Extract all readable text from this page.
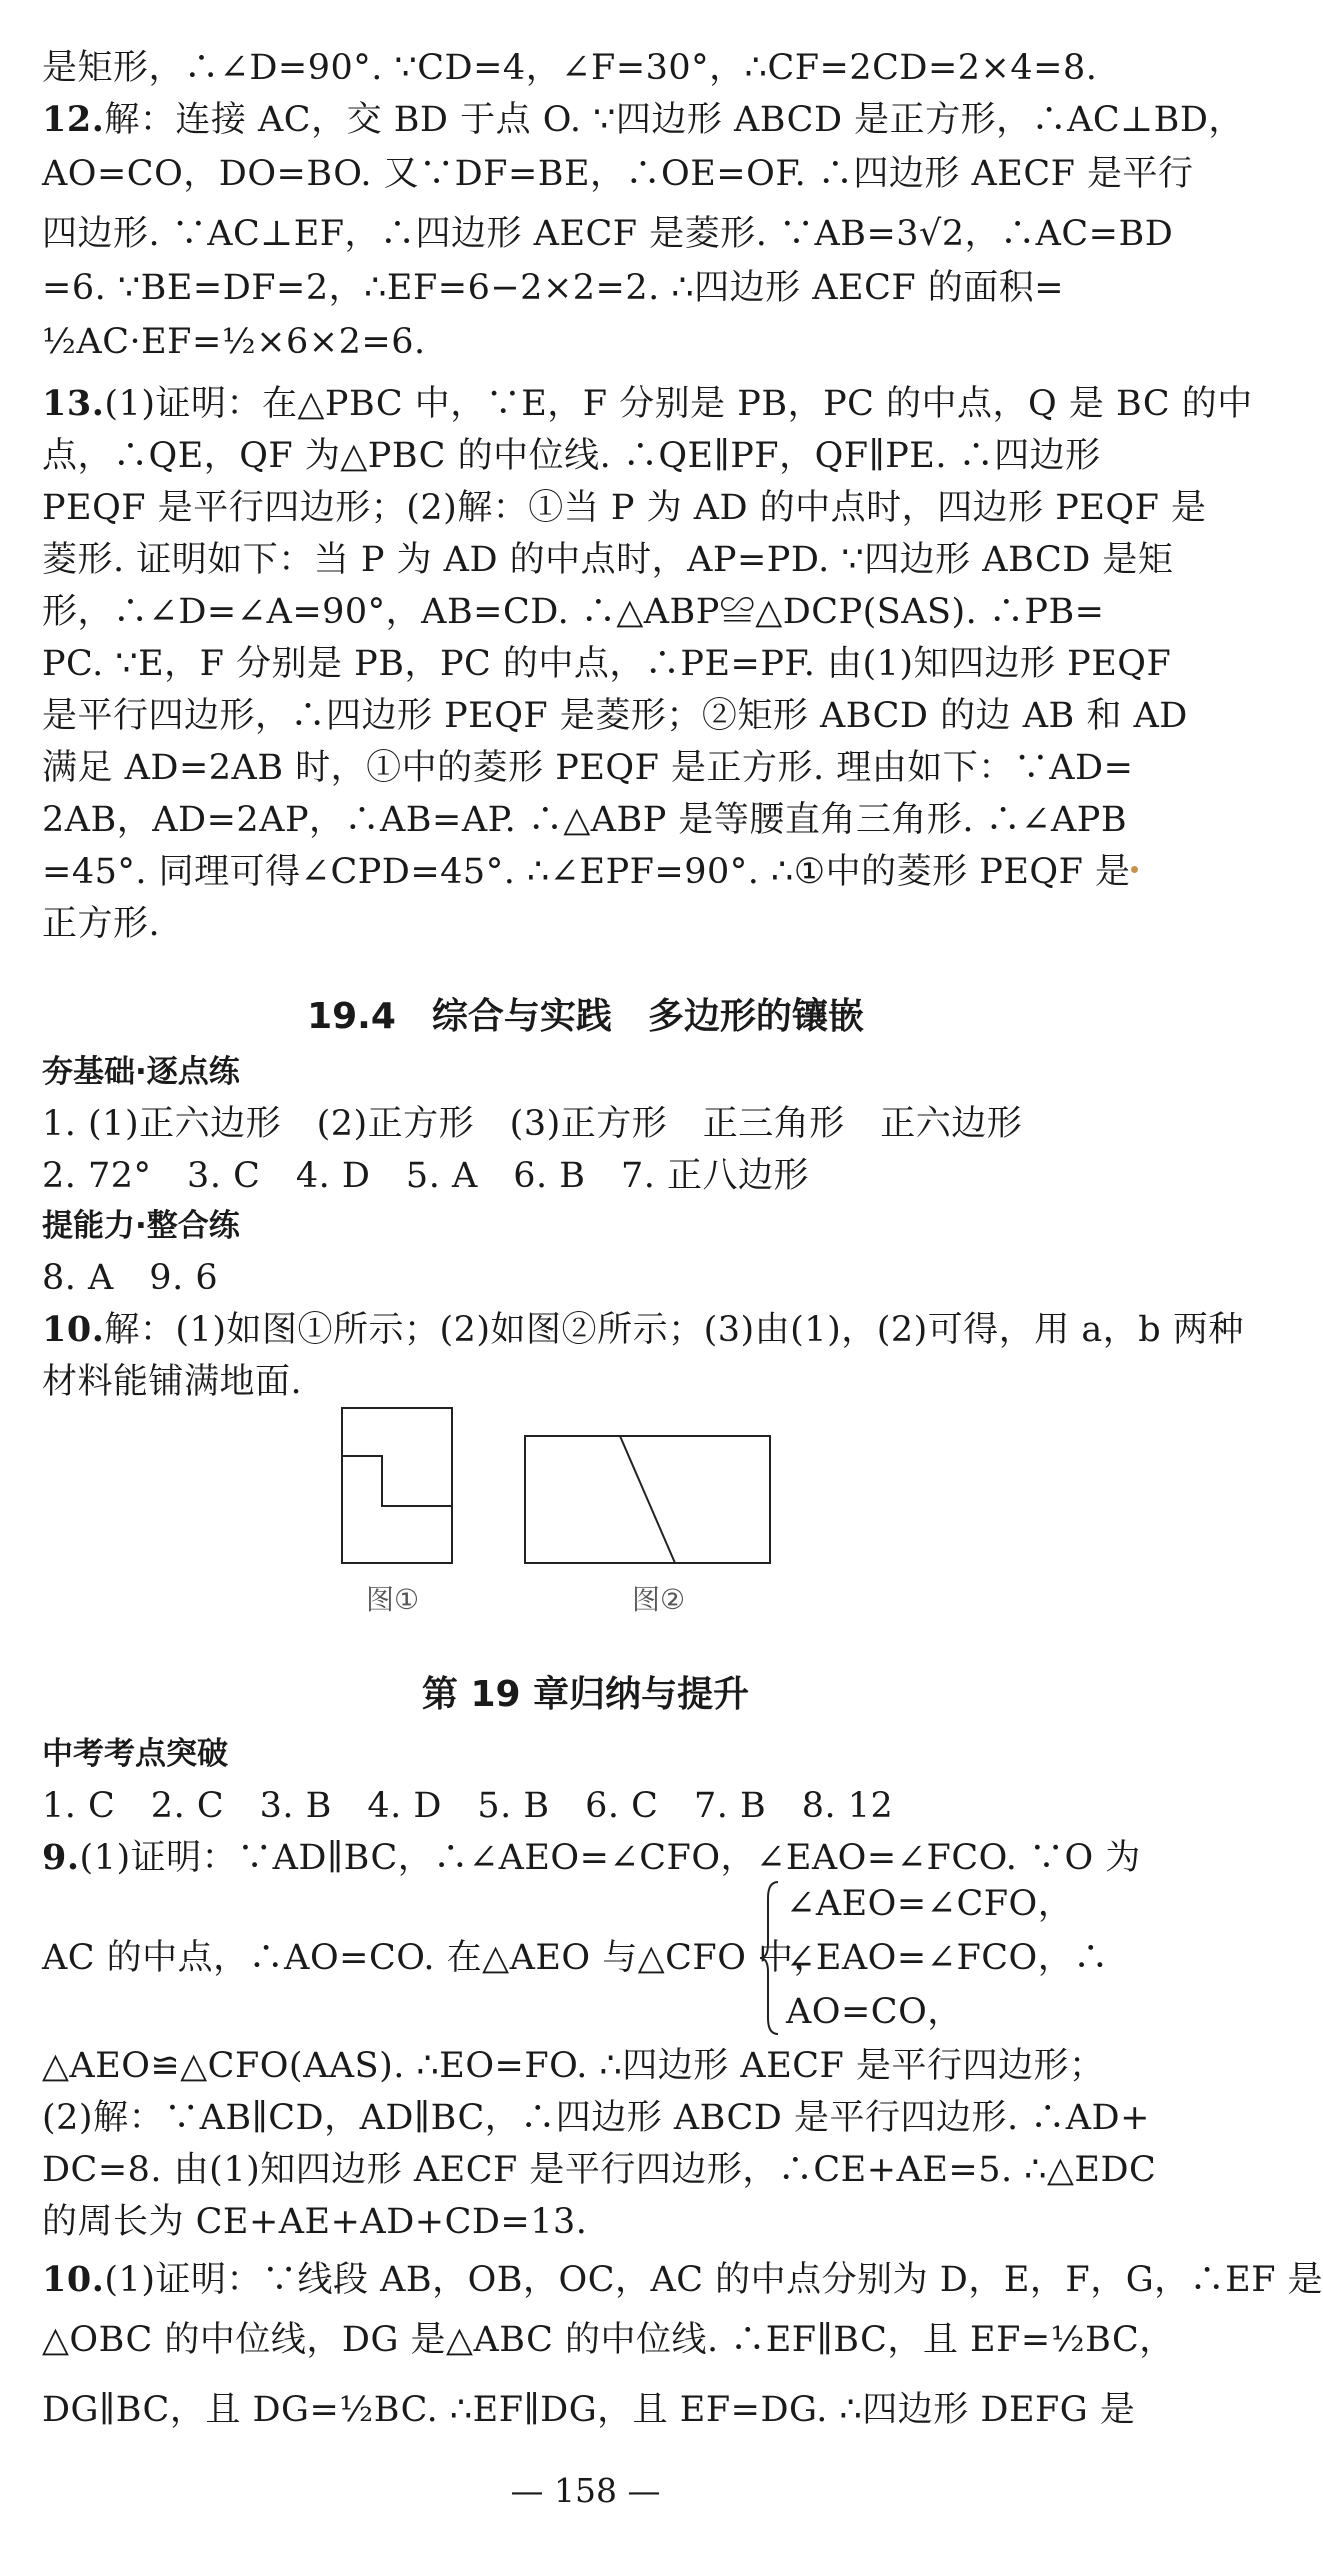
是矩形，∴∠D=90°. ∵CD=4，∠F=30°，∴CF=2CD=2×4=8.
12.解：连接 AC，交 BD 于点 O. ∵四边形 ABCD 是正方形，∴AC⊥BD，
AO=CO，DO=BO. 又∵DF=BE，∴OE=OF. ∴四边形 AECF 是平行
四边形. ∵AC⊥EF，∴四边形 AECF 是菱形. ∵AB=3√2，∴AC=BD
=6. ∵BE=DF=2，∴EF=6−2×2=2. ∴四边形 AECF 的面积=
½AC·EF=½×6×2=6.
13.(1)证明：在△PBC 中，∵E，F 分别是 PB，PC 的中点，Q 是 BC 的中
点，∴QE，QF 为△PBC 的中位线. ∴QE∥PF，QF∥PE. ∴四边形
PEQF 是平行四边形；(2)解：①当 P 为 AD 的中点时，四边形 PEQF 是
菱形. 证明如下：当 P 为 AD 的中点时，AP=PD. ∵四边形 ABCD 是矩
形，∴∠D=∠A=90°，AB=CD. ∴△ABP≌△DCP(SAS). ∴PB=
PC. ∵E，F 分别是 PB，PC 的中点，∴PE=PF. 由(1)知四边形 PEQF
是平行四边形，∴四边形 PEQF 是菱形；②矩形 ABCD 的边 AB 和 AD
满足 AD=2AB 时，①中的菱形 PEQF 是正方形. 理由如下：∵AD=
2AB，AD=2AP，∴AB=AP. ∴△ABP 是等腰直角三角形. ∴∠APB
=45°. 同理可得∠CPD=45°. ∴∠EPF=90°. ∴①中的菱形 PEQF 是
正方形.
19.4　综合与实践　多边形的镶嵌
夯基础·逐点练
1. (1)正六边形　(2)正方形　(3)正方形　正三角形　正六边形
2. 72°　3. C　4. D　5. A　6. B　7. 正八边形
提能力·整合练
8. A　9. 6
10.解：(1)如图①所示；(2)如图②所示；(3)由(1)，(2)可得，用 a，b 两种
材料能铺满地面.
图①	图②
第 19 章归纳与提升
中考考点突破
1. C　2. C　3. B　4. D　5. B　6. C　7. B　8. 12
9.(1)证明：∵AD∥BC，∴∠AEO=∠CFO，∠EAO=∠FCO. ∵O 为
AC 的中点，∴AO=CO. 在△AEO 与△CFO 中，
∠AEO=∠CFO，
∠EAO=∠FCO，∴
AO=CO，
△AEO≌△CFO(AAS). ∴EO=FO. ∴四边形 AECF 是平行四边形；
(2)解：∵AB∥CD，AD∥BC，∴四边形 ABCD 是平行四边形. ∴AD+
DC=8. 由(1)知四边形 AECF 是平行四边形，∴CE+AE=5. ∴△EDC
的周长为 CE+AE+AD+CD=13.
10.(1)证明：∵线段 AB，OB，OC，AC 的中点分别为 D，E，F，G，∴EF 是
△OBC 的中位线，DG 是△ABC 的中位线. ∴EF∥BC，且 EF=½BC，
DG∥BC，且 DG=½BC. ∴EF∥DG，且 EF=DG. ∴四边形 DEFG 是
— 158 —
